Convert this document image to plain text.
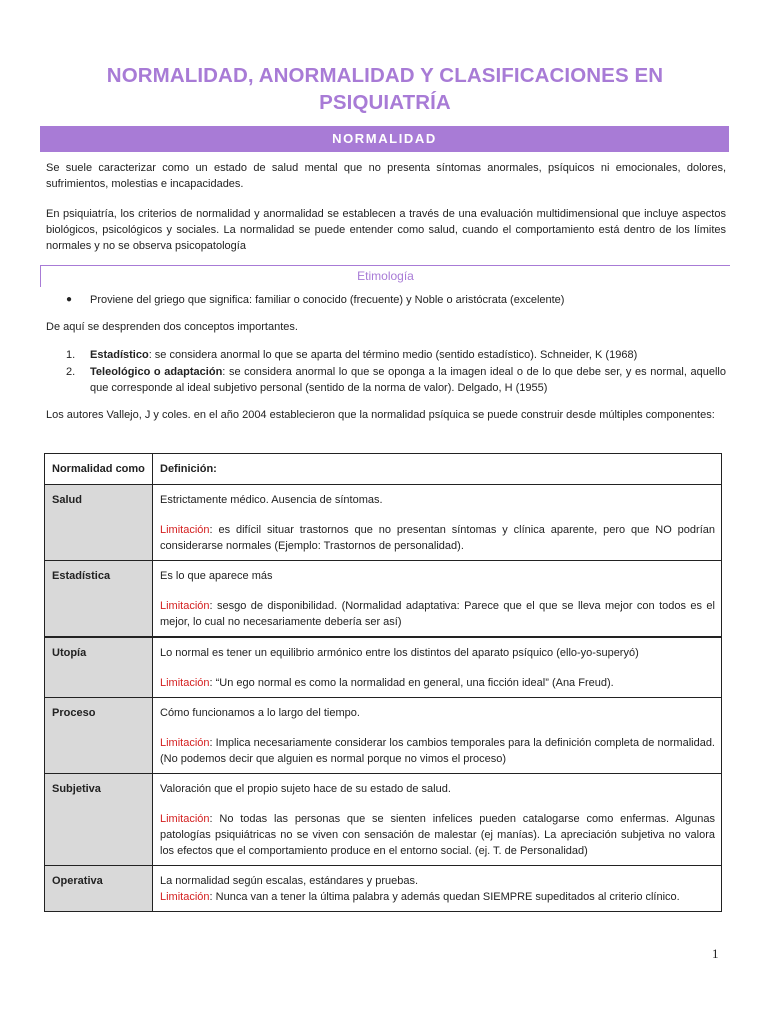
NORMALIDAD, ANORMALIDAD Y CLASIFICACIONES EN PSIQUIATRÍA
NORMALIDAD

Se suele caracterizar como un estado de salud mental que no presenta síntomas anormales, psíquicos ni emocionales, dolores, sufrimientos, molestias e incapacidades.

En psiquiatría, los criterios de normalidad y anormalidad se establecen a través de una evaluación multidimensional que incluye aspectos biológicos, psicológicos y sociales. La normalidad se puede entender como salud, cuando el comportamiento está dentro de los límites normales y no se observa psicopatología

Etimología
● Proviene del griego que significa: familiar o conocido (frecuente) y Noble o aristócrata (excelente)

De aquí se desprenden dos conceptos importantes.

1. Estadístico: se considera anormal lo que se aparta del término medio (sentido estadístico). Schneider, K (1968)
2. Teleológico o adaptación: se considera anormal lo que se oponga a la imagen ideal o de lo que debe ser, y es normal, aquello que corresponde al ideal subjetivo personal (sentido de la norma de valor). Delgado, H (1955)

Los autores Vallejo, J y coles. en el año 2004 establecieron que la normalidad psíquica se puede construir desde múltiples componentes:

Normalidad como	Definición:
Salud	Estrictamente médico. Ausencia de síntomas.

Limitación: es difícil situar trastornos que no presentan síntomas y clínica aparente, pero que NO podrían considerarse normales (Ejemplo: Trastornos de personalidad).

Estadística	Es lo que aparece más

Limitación: sesgo de disponibilidad. (Normalidad adaptativa: Parece que el que se lleva mejor con todos es el mejor, lo cual no necesariamente debería ser así)

Utopía	Lo normal es tener un equilibrio armónico entre los distintos del aparato psíquico (ello-yo-superyó)

Limitación: “Un ego normal es como la normalidad en general, una ficción ideal” (Ana Freud).

Proceso	Cómo funcionamos a lo largo del tiempo.

Limitación: Implica necesariamente considerar los cambios temporales para la definición completa de normalidad. (No podemos decir que alguien es normal porque no vimos el proceso)

Subjetiva	Valoración que el propio sujeto hace de su estado de salud.

Limitación: No todas las personas que se sienten infelices pueden catalogarse como enfermas. Algunas patologías psiquiátricas no se viven con sensación de malestar (ej manías). La apreciación subjetiva no valora los efectos que el comportamiento produce en el entorno social. (ej. T. de Personalidad)

Operativa	La normalidad según escalas, estándares y pruebas.

Limitación: Nunca van a tener la última palabra y además quedan SIEMPRE supeditados al criterio clínico.

1
